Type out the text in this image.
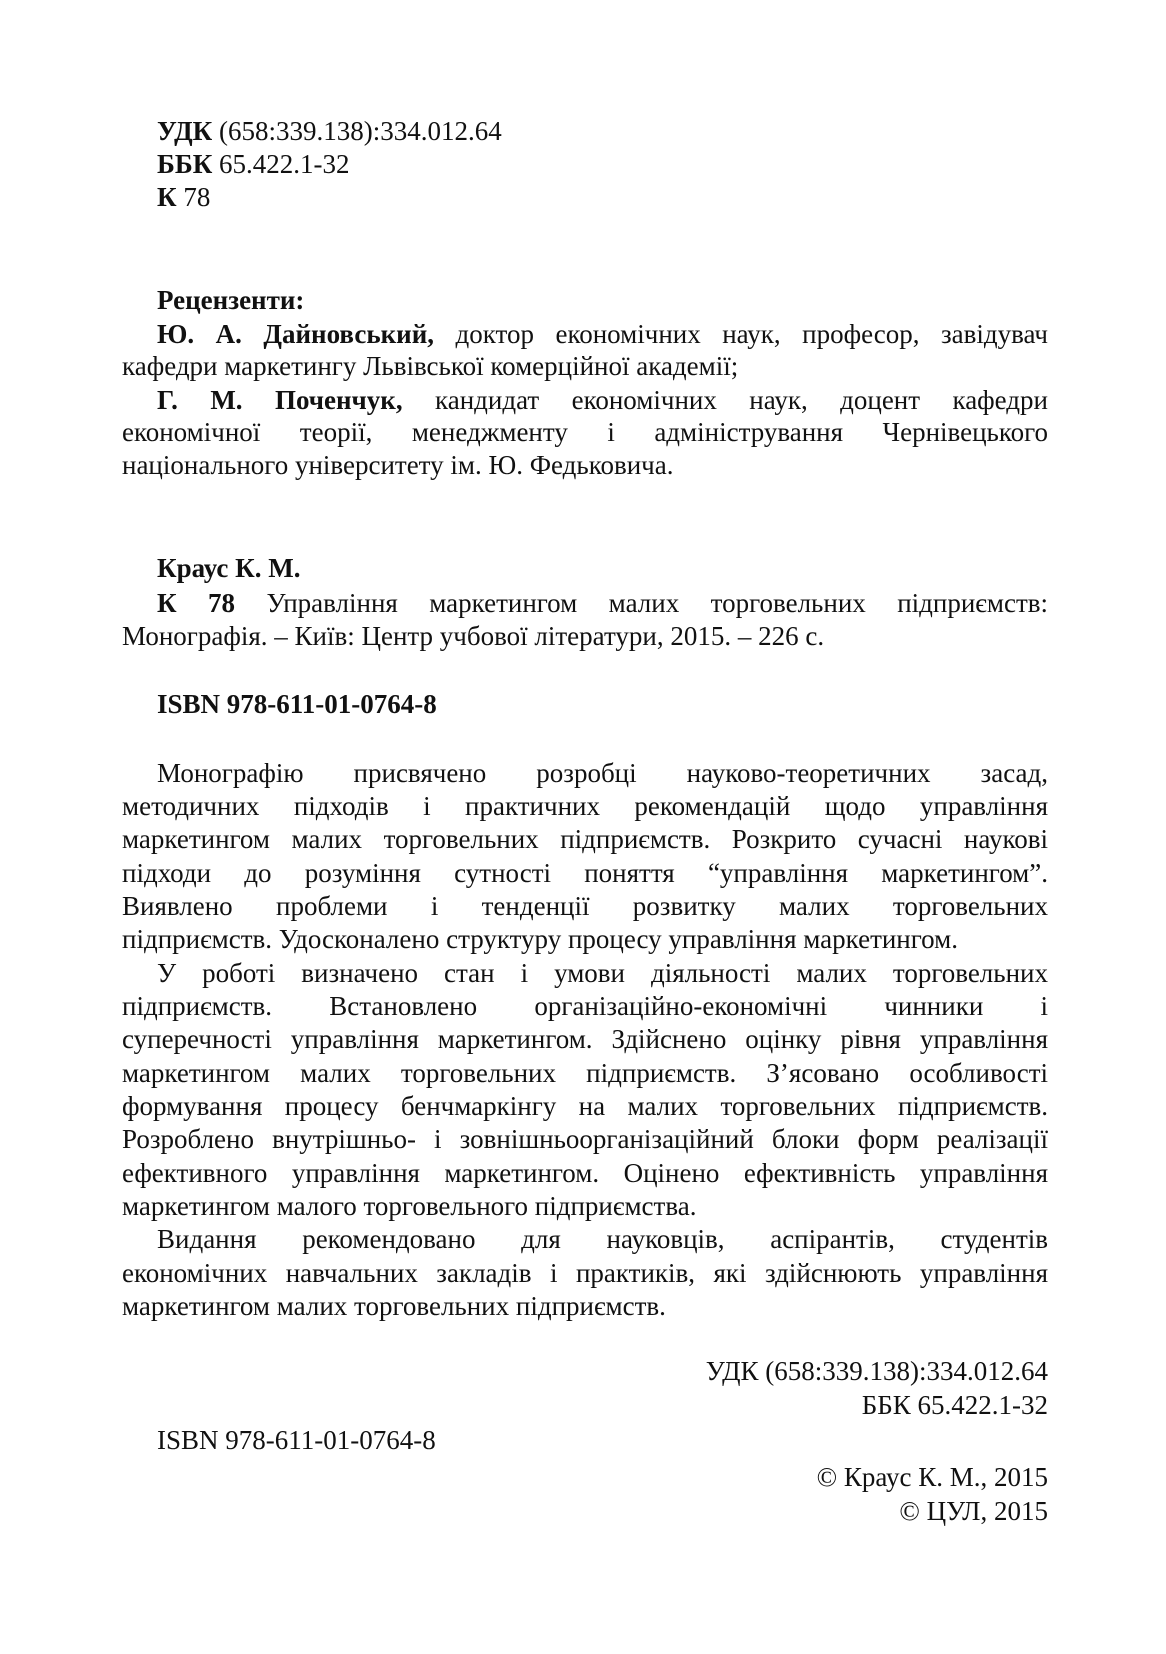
УДК (658:339.138):334.012.64
ББК 65.422.1-32
К 78
Рецензенти:
Ю. А. Дайновський, доктор економічних наук, професор, завідувач
кафедри маркетингу Львівської комерційної академії;
Г. М. Поченчук, кандидат економічних наук, доцент кафедри
економічної теорії, менеджменту і адміністрування Чернівецького
національного університету ім. Ю. Федьковича.
Краус К. М.
К 78 Управління маркетингом малих торговельних підприємств:
Монографія. – Київ: Центр учбової літератури, 2015. – 226 с.
ISBN 978-611-01-0764-8
Монографію присвячено розробці науково-теоретичних засад,
методичних підходів і практичних рекомендацій щодо управління
маркетингом малих торговельних підприємств. Розкрито сучасні наукові
підходи до розуміння сутності поняття “управління маркетингом”.
Виявлено проблеми і тенденції розвитку малих торговельних
підприємств. Удосконалено структуру процесу управління маркетингом.
У роботі визначено стан і умови діяльності малих торговельних
підприємств. Встановлено організаційно-економічні чинники і
суперечності управління маркетингом. Здійснено оцінку рівня управління
маркетингом малих торговельних підприємств. З’ясовано особливості
формування процесу бенчмаркінгу на малих торговельних підприємств.
Розроблено внутрішньо- і зовнішньоорганізаційний блоки форм реалізації
ефективного управління маркетингом. Оцінено ефективність управління
маркетингом малого торговельного підприємства.
Видання рекомендовано для науковців, аспірантів, студентів
економічних навчальних закладів і практиків, які здійснюють управління
маркетингом малих торговельних підприємств.
УДК (658:339.138):334.012.64
ББК 65.422.1-32
ISBN 978-611-01-0764-8
© Краус К. М., 2015
© ЦУЛ, 2015
